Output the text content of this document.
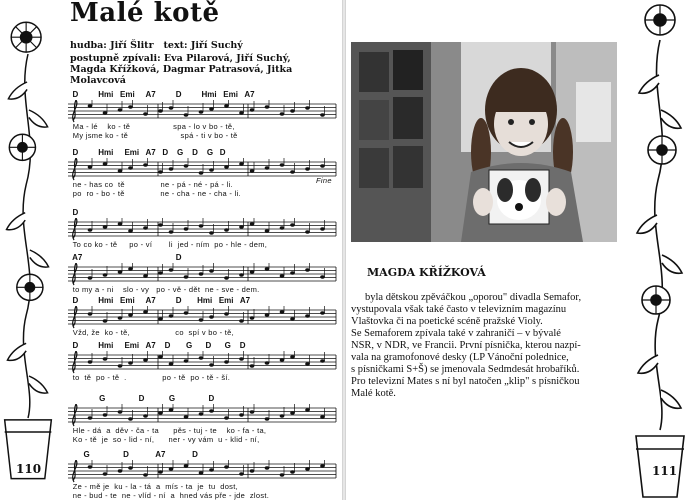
110	111
Malé kotě
hudba: Jiří Šlitr text: Jiří Suchý
postupně zpívali: Eva Pilarová, Jiří Suchý,
Magda Křížková, Dagmar Patrasová, Jitka
Molavcová
D         Hmi   Emi     A7         D         Hmi   Emi   A7
Ma - lé    ko - tě                  spa - lo v bo - tě,
My jsme ko - tě                      spá - ti v bo - tě
D         Hmi     Emi   A7   D    G    D    G   D
ne - has co  tě               ne - pá - né - pá - li.
po  ro - bo - tě               ne - cha - ne - cha - li.
Fine
D
To co ko - tě     po - ví       li  jed - ním  po - hle - dem,
A7                                          D
to my a - ni    slo - vy   po - vě - dět  ne - sve - dem.
D         Hmi   Emi     A7         D       Hmi   Emi   A7
Vžd, že  ko - tě,                   co  spí v bo - tě,
D         Hmi     Emi   A7    D       G      D      G    D
to  tě  po - tě  .               po - tě  po - tě - ší.
G               D           G               D
Hle - dá  a  děv - ča - ta      pěs - tuj - te    ko - fa - ta,
Ko - tě  je  so - lid - ní,      ner - vy vám  u - klid - ní,
G               D            A7            D
Ze - mě je  ku - la - tá  a  mís - ta  je  tu  dost,
ne - bud - te  ne - vlíd - ní  a  hned vás pře - jde  zlost.
MAGDA KŘÍŽKOVÁ

byla dětskou zpěváčkou „oporou" divadla Semafor,
vystupovala však také často v televizním magazínu
Vlaštovka či na poetické scéně pražské Violy.
Se Semaforem zpívala také v zahraničí – v bývalé
NSR, v NDR, ve Francii. První písnička, kterou nazpí-
vala na gramofonové desky (LP Vánoční polednice,
s písničkami S+Š) se jmenovala Sedmdesát hrobaříků.
Pro televizní Mates s ní byl natočen „klip" s písničkou
Malé kotě.
